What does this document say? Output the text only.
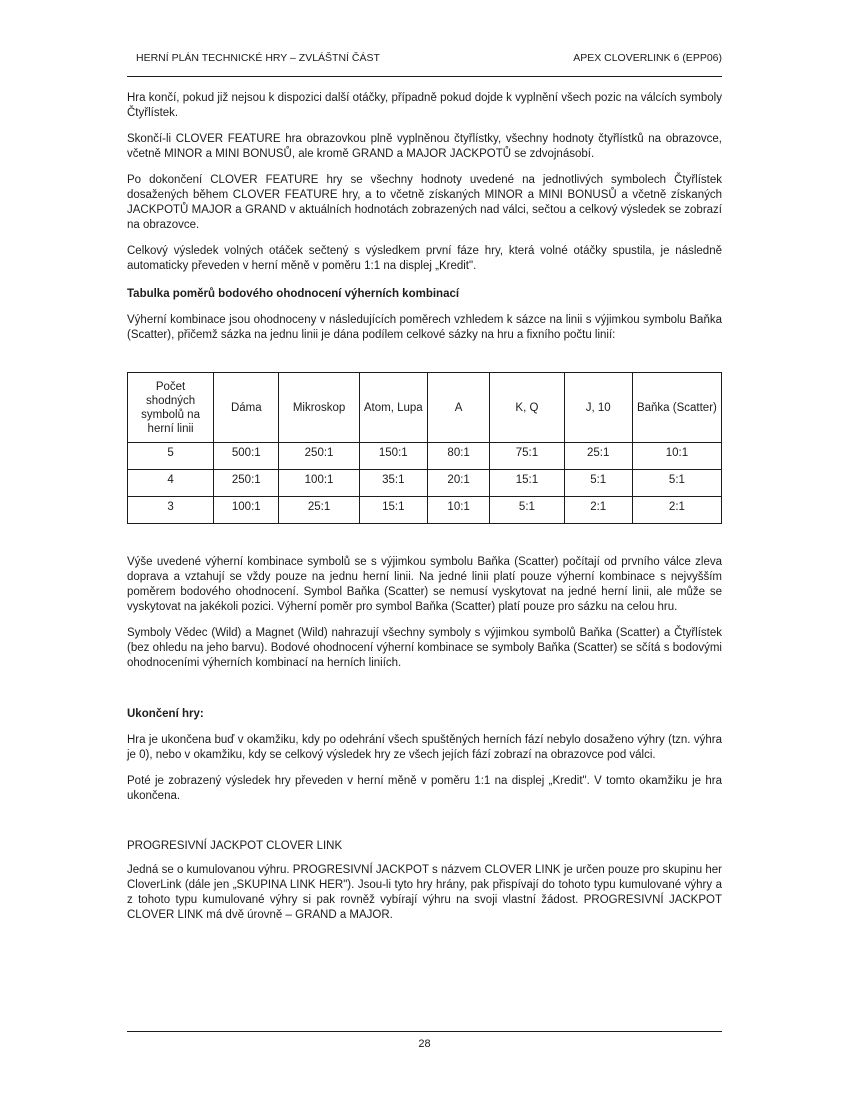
HERNÍ PLÁN TECHNICKÉ HRY – ZVLÁŠTNÍ ČÁST	APEX CLOVERLINK 6 (EPP06)

Hra končí, pokud již nejsou k dispozici další otáčky, případně pokud dojde k vyplnění všech pozic na válcích symboly Čtyřlístek.

Skončí-li CLOVER FEATURE hra obrazovkou plně vyplněnou čtyřlístky, všechny hodnoty čtyřlístků na obrazovce, včetně MINOR a MINI BONUSŮ, ale kromě GRAND a MAJOR JACKPOTŮ se zdvojnásobí.

Po dokončení CLOVER FEATURE hry se všechny hodnoty uvedené na jednotlivých symbolech Čtyřlístek dosažených během CLOVER FEATURE hry, a to včetně získaných MINOR a MINI BONUSŮ a včetně získaných JACKPOTŮ MAJOR a GRAND v aktuálních hodnotách zobrazených nad válci, sečtou a celkový výsledek se zobrazí na obrazovce.

Celkový výsledek volných otáček sečtený s výsledkem první fáze hry, která volné otáčky spustila, je následně automaticky převeden v herní měně v poměru 1:1 na displej „Kredit".

Tabulka poměrů bodového ohodnocení výherních kombinací

Výherní kombinace jsou ohodnoceny v následujících poměrech vzhledem k sázce na linii s výjimkou symbolu Baňka (Scatter), přičemž sázka na jednu linii je dána podílem celkové sázky na hru a fixního počtu linií:

Počet shodných symbolů na herní linii	Dáma	Mikroskop	Atom, Lupa	A	K, Q	J, 10	Baňka (Scatter)
5	500:1	250:1	150:1	80:1	75:1	25:1	10:1
4	250:1	100:1	35:1	20:1	15:1	5:1	5:1
3	100:1	25:1	15:1	10:1	5:1	2:1	2:1

Výše uvedené výherní kombinace symbolů se s výjimkou symbolu Baňka (Scatter) počítají od prvního válce zleva doprava a vztahují se vždy pouze na jednu herní linii. Na jedné linii platí pouze výherní kombinace s nejvyšším poměrem bodového ohodnocení. Symbol Baňka (Scatter) se nemusí vyskytovat na jedné herní linii, ale může se vyskytovat na jakékoli pozici. Výherní poměr pro symbol Baňka (Scatter) platí pouze pro sázku na celou hru.

Symboly Vědec (Wild) a Magnet (Wild) nahrazují všechny symboly s výjimkou symbolů Baňka (Scatter) a Čtyřlístek (bez ohledu na jeho barvu). Bodové ohodnocení výherní kombinace se symboly Baňka (Scatter) se sčítá s bodovými ohodnoceními výherních kombinací na herních liniích.

Ukončení hry:

Hra je ukončena buď v okamžiku, kdy po odehrání všech spuštěných herních fází nebylo dosaženo výhry (tzn. výhra je 0), nebo v okamžiku, kdy se celkový výsledek hry ze všech jejích fází zobrazí na obrazovce pod válci.

Poté je zobrazený výsledek hry převeden v herní měně v poměru 1:1 na displej „Kredit". V tomto okamžiku je hra ukončena.

PROGRESIVNÍ JACKPOT CLOVER LINK

Jedná se o kumulovanou výhru. PROGRESIVNÍ JACKPOT s názvem CLOVER LINK je určen pouze pro skupinu her CloverLink (dále jen „SKUPINA LINK HER"). Jsou-li tyto hry hrány, pak přispívají do tohoto typu kumulované výhry a z tohoto typu kumulované výhry si pak rovněž vybírají výhru na svoji vlastní žádost. PROGRESIVNÍ JACKPOT CLOVER LINK má dvě úrovně – GRAND a MAJOR.

28
